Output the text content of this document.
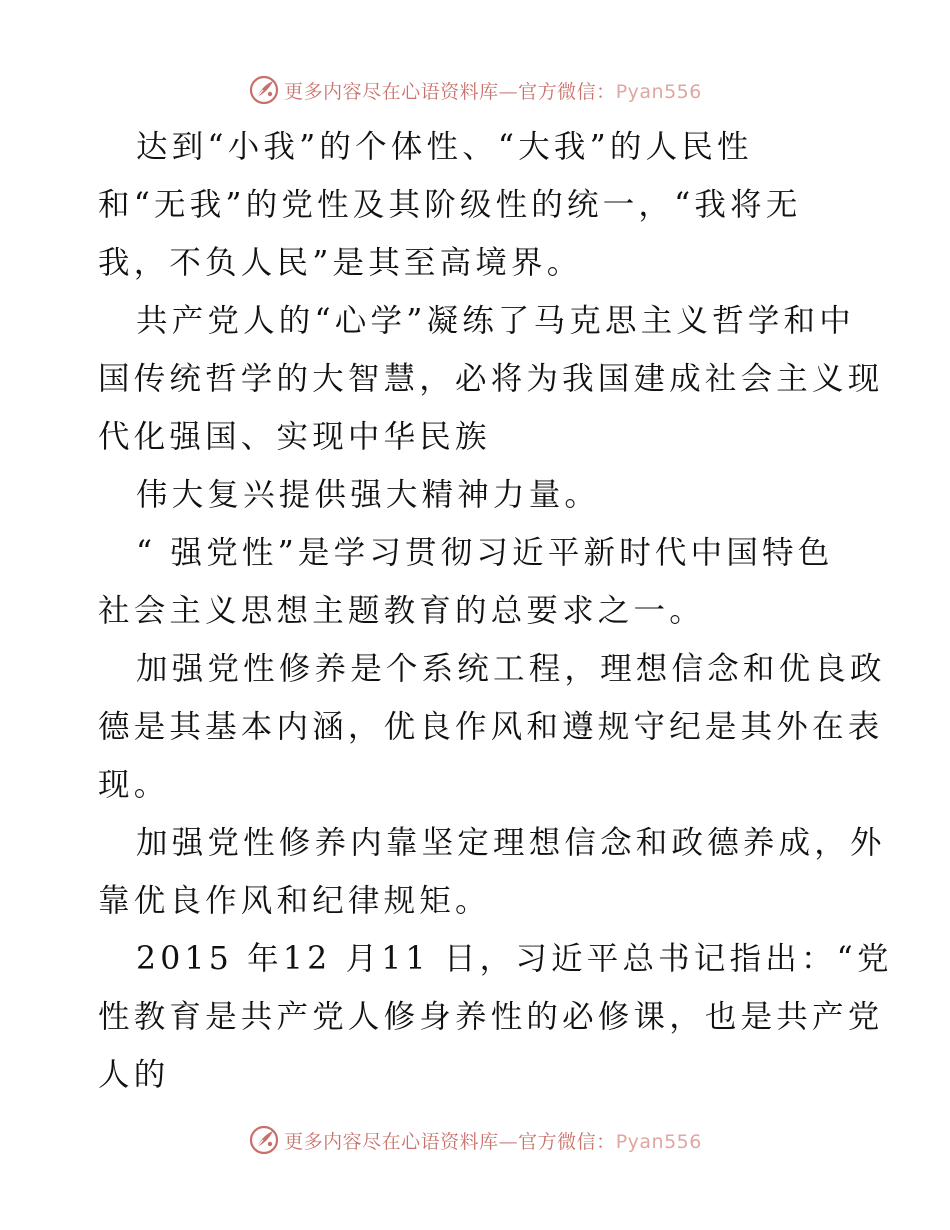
更多内容尽在心语资料库—官方微信：Pyan556

达到“小我”的个体性、“大我”的人民性

和“无我”的党性及其阶级性的统一，“我将无
我，不负人民”是其至高境界。

共产党人的“心学”凝练了马克思主义哲学和中
国传统哲学的大智慧，必将为我国建成社会主义现
代化强国、实现中华民族

伟大复兴提供强大精神力量。

“ 强党性”是学习贯彻习近平新时代中国特色
社会主义思想主题教育的总要求之一。

加强党性修养是个系统工程，理想信念和优良政
德是其基本内涵，优良作风和遵规守纪是其外在表
现。

加强党性修养内靠坚定理想信念和政德养成，外
靠优良作风和纪律规矩。

2015 年12 月11 日，习近平总书记指出：“党
性教育是共产党人修身养性的必修课，也是共产党
人的

更多内容尽在心语资料库—官方微信：Pyan556
